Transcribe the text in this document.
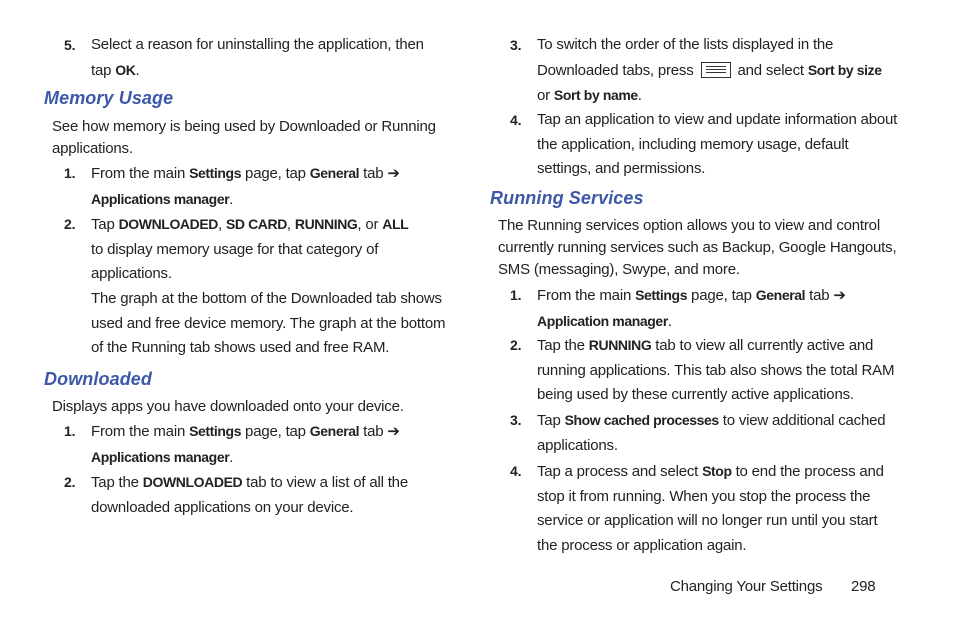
5. Select a reason for uninstalling the application, then tap OK.
Memory Usage
See how memory is being used by Downloaded or Running applications.
1. From the main Settings page, tap General tab ➔
Applications manager.
2. Tap DOWNLOADED, SD CARD, RUNNING, or ALL to display memory usage for that category of applications.
The graph at the bottom of the Downloaded tab shows used and free device memory. The graph at the bottom of the Running tab shows used and free RAM.
Downloaded
Displays apps you have downloaded onto your device.
1. From the main Settings page, tap General tab ➔
Applications manager.
2. Tap the DOWNLOADED tab to view a list of all the downloaded applications on your device.
3. To switch the order of the lists displayed in the Downloaded tabs, press
and select Sort by size
or Sort by name.
4. Tap an application to view and update information about the application, including memory usage, default settings, and permissions.
Running Services
The Running services option allows you to view and control currently running services such as Backup, Google Hangouts, SMS (messaging), Swype, and more.
1. From the main Settings page, tap General tab ➔
Application manager.
2. Tap the RUNNING tab to view all currently active and running applications. This tab also shows the total RAM being used by these currently active applications.
3. Tap Show cached processes to view additional cached applications.
4. Tap a process and select Stop to end the process and stop it from running. When you stop the process the service or application will no longer run until you start the process or application again.
Changing Your Settings 298
